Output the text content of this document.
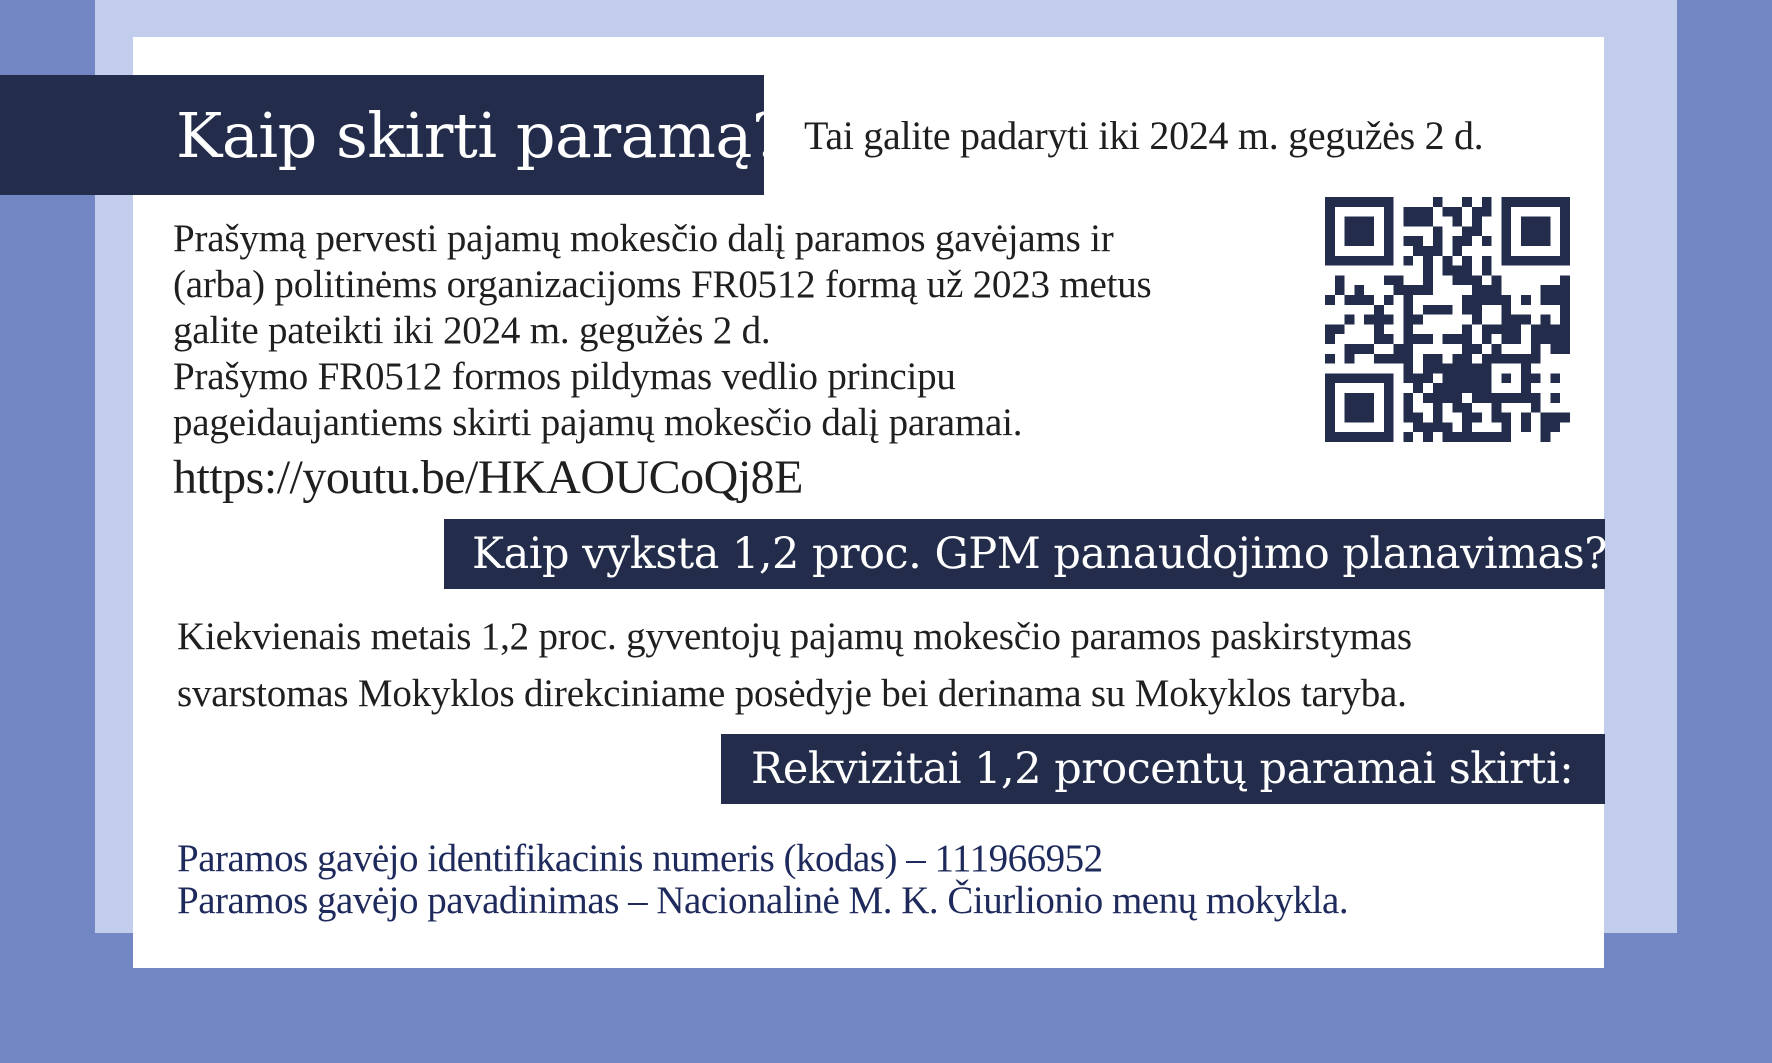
Kaip skirti paramą? Tai galite padaryti iki 2024 m. gegužės 2 d.

Prašymą pervesti pajamų mokesčio dalį paramos gavėjams ir

(arba) politinėms organizacijoms FR0512 formą už 2023 metus

galite pateikti iki 2024 m. gegužės 2 d.

Prašymo FR0512 formos pildymas vedlio principu

pageidaujantiems skirti pajamų mokesčio dalį paramai.

https://youtu.be/HKAOUCoQj8E
Kaip vyksta 1,2 proc. GPM panaudojimo planavimas?

Kiekvienais metais 1,2 proc. gyventojų pajamų mokesčio paramos paskirstymas

svarstomas Mokyklos direkciniame posėdyje bei derinama su Mokyklos taryba.

Rekvizitai 1,2 procentų paramai skirti:

Paramos gavėjo identifikacinis numeris (kodas) – 111966952

Paramos gavėjo pavadinimas – Nacionalinė M. K. Čiurlionio menų mokykla.
